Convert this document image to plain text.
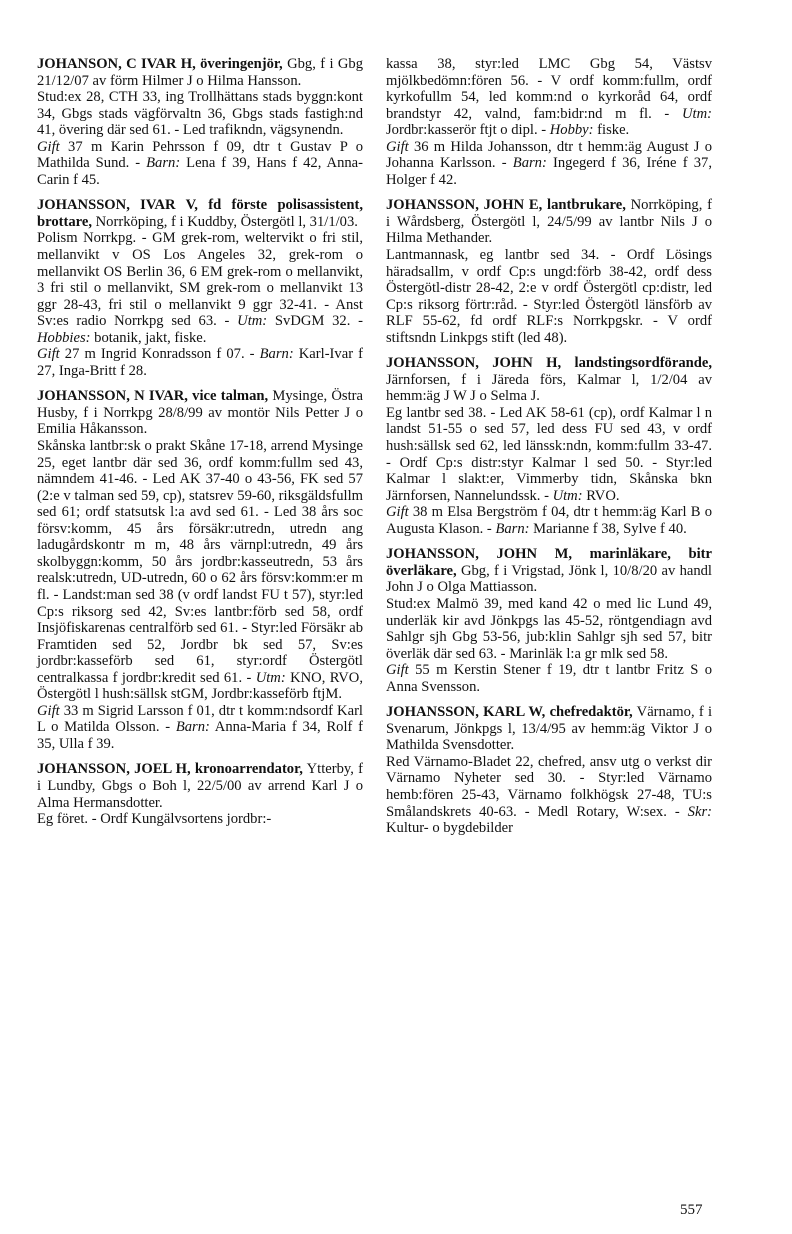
JOHANSON, C IVAR H, överingenjör, Gbg, f i Gbg 21/12/07 av förm Hilmer J o Hilma Hansson.

Stud:ex 28, CTH 33, ing Trollhättans stads byggn:kont 34, Gbgs stads vägförvaltn 36, Gbgs stads fastigh:nd 41, övering där sed 61. - Led trafikndn, vägsynendn.

Gift 37 m Karin Pehrsson f 09, dtr t Gustav P o Mathilda Sund. - Barn: Lena f 39, Hans f 42, Anna-Carin f 45.

JOHANSSON, IVAR V, fd förste polisassistent, brottare, Norrköping, f i Kuddby, Östergötl l, 31/1/03.

Polism Norrkpg. - GM grek-rom, weltervikt o fri stil, mellanvikt v OS Los Angeles 32, grek-rom o mellanvikt OS Berlin 36, 6 EM grek-rom o mellanvikt, 3 fri stil o mellanvikt, SM grek-rom o mellanvikt 13 ggr 28-43, fri stil o mellanvikt 9 ggr 32-41. - Anst Sv:es radio Norrkpg sed 63. - Utm: SvDGM 32. - Hobbies: botanik, jakt, fiske.

Gift 27 m Ingrid Konradsson f 07. - Barn: Karl-Ivar f 27, Inga-Britt f 28.

JOHANSSON, N IVAR, vice talman, Mysinge, Östra Husby, f i Norrkpg 28/8/99 av montör Nils Petter J o Emilia Håkansson.

Skånska lantbr:sk o prakt Skåne 17-18, arrend Mysinge 25, eget lantbr där sed 36, ordf komm:fullm sed 43, nämndem 41-46. - Led AK 37-40 o 43-56, FK sed 57 (2:e v talman sed 59, cp), statsrev 59-60, riksgäldsfullm sed 61; ordf statsutsk l:a avd sed 61. - Led 38 års soc försv:komm, 45 års försäkr:utredn, utredn ang ladugårdskontr m m, 48 års värnpl:utredn, 49 års skolbyggn:komm, 50 års jordbr:kasseutredn, 53 års realsk:utredn, UD-utredn, 60 o 62 års försv:komm:er m fl. - Landst:man sed 38 (v ordf landst FU t 57), styr:led Cp:s riksorg sed 42, Sv:es lantbr:förb sed 58, ordf Insjöfiskarenas centralförb sed 61. - Styr:led Försäkr ab Framtiden sed 52, Jordbr bk sed 57, Sv:es jordbr:kasseförb sed 61, styr:ordf Östergötl centralkassa f jordbr:kredit sed 61. - Utm: KNO, RVO, Östergötl l hush:sällsk stGM, Jordbr:kasseförb ftjM.

Gift 33 m Sigrid Larsson f 01, dtr t komm:ndsordf Karl L o Matilda Olsson. - Barn: Anna-Maria f 34, Rolf f 35, Ulla f 39.

JOHANSSON, JOEL H, kronoarrendator, Ytterby, f i Lundby, Gbgs o Boh l, 22/5/00 av arrend Karl J o Alma Hermansdotter.

Eg föret. - Ordf Kungälvsortens jordbr:-

kassa 38, styr:led LMC Gbg 54, Västsv mjölkbedömn:fören 56. - V ordf komm:fullm, ordf kyrkofullm 54, led komm:nd o kyrkoråd 64, ordf brandstyr 42, valnd, fam:bidr:nd m fl. - Utm: Jordbr:kasserör ftjt o dipl. - Hobby: fiske.

Gift 36 m Hilda Johansson, dtr t hemm:äg August J o Johanna Karlsson. - Barn: Ingegerd f 36, Iréne f 37, Holger f 42.

JOHANSSON, JOHN E, lantbrukare, Norrköping, f i Wårdsberg, Östergötl l, 24/5/99 av lantbr Nils J o Hilma Methander.

Lantmannask, eg lantbr sed 34. - Ordf Lösings häradsallm, v ordf Cp:s ungd:förb 38-42, ordf dess Östergötl-distr 28-42, 2:e v ordf Östergötl cp:distr, led Cp:s riksorg förtr:råd. - Styr:led Östergötl länsförb av RLF 55-62, fd ordf RLF:s Norrkpgskr. - V ordf stiftsndn Linkpgs stift (led 48).

JOHANSSON, JOHN H, landstingsordförande, Järnforsen, f i Järeda förs, Kalmar l, 1/2/04 av hemm:äg J W J o Selma J.

Eg lantbr sed 38. - Led AK 58-61 (cp), ordf Kalmar l n landst 51-55 o sed 57, led dess FU sed 43, v ordf hush:sällsk sed 62, led länssk:ndn, komm:fullm 33-47. - Ordf Cp:s distr:styr Kalmar l sed 50. - Styr:led Kalmar l slakt:er, Vimmerby tidn, Skånska bkn Järnforsen, Nannelundssk. - Utm: RVO.

Gift 38 m Elsa Bergström f 04, dtr t hemm:äg Karl B o Augusta Klason. - Barn: Marianne f 38, Sylve f 40.

JOHANSSON, JOHN M, marinläkare, bitr överläkare, Gbg, f i Vrigstad, Jönk l, 10/8/20 av handl John J o Olga Mattiasson.

Stud:ex Malmö 39, med kand 42 o med lic Lund 49, underläk kir avd Jönkpgs las 45-52, röntgendiagn avd Sahlgr sjh Gbg 53-56, jub:klin Sahlgr sjh sed 57, bitr överläk där sed 63. - Marinläk l:a gr mlk sed 58.

Gift 55 m Kerstin Stener f 19, dtr t lantbr Fritz S o Anna Svensson.

JOHANSSON, KARL W, chefredaktör, Värnamo, f i Svenarum, Jönkpgs l, 13/4/95 av hemm:äg Viktor J o Mathilda Svensdotter.

Red Värnamo-Bladet 22, chefred, ansv utg o verkst dir Värnamo Nyheter sed 30. - Styr:led Värnamo hemb:fören 25-43, Värnamo folkhögsk 27-48, TU:s Smålandskrets 40-63. - Medl Rotary, W:sex. - Skr: Kultur- o bygdebilder

557
